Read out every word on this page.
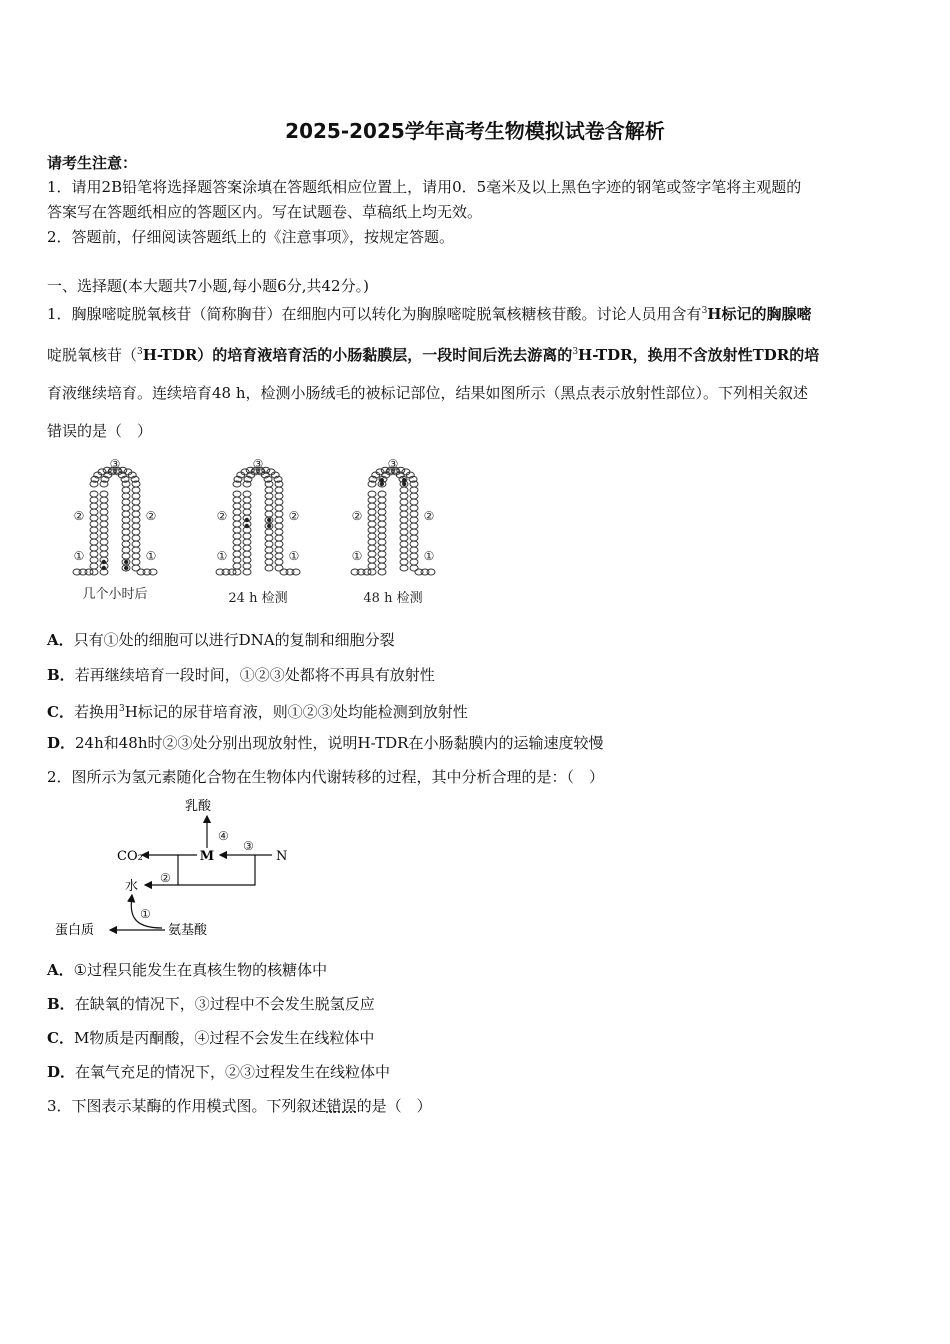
2025-2025学年高考生物模拟试卷含解析
请考生注意：
1．请用2B铅笔将选择题答案涂填在答题纸相应位置上，请用0．5毫米及以上黑色字迹的钢笔或签字笔将主观题的
答案写在答题纸相应的答题区内。写在试题卷、草稿纸上均无效。
2．答题前，仔细阅读答题纸上的《注意事项》，按规定答题。
一、选择题(本大题共7小题,每小题6分,共42分。)
1．胸腺嘧啶脱氧核苷（简称胸苷）在细胞内可以转化为胸腺嘧啶脱氧核糖核苷酸。讨论人员用含有$^3$H标记的胸腺嘧
啶脱氧核苷（$^3$H-TDR）的培育液培育活的小肠黏膜层，一段时间后洗去游离的$^3$H-TDR，换用不含放射性TDR的培
育液继续培育。连续培育48 h，检测小肠绒毛的被标记部位，结果如图所示（黑点表示放射性部位）。下列相关叙述
错误的是（　）
③
②	②
①	①
③
②	②
①	①
③
②	②
①	①
几个小时后	24 h 检测	48 h 检测
A．只有①处的细胞可以进行DNA的复制和细胞分裂
B．若再继续培育一段时间，①②③处都将不再具有放射性
C．若换用$^3$H标记的尿苷培育液，则①②③处均能检测到放射性
D．24h和48h时②③处分别出现放射性，说明H-TDR在小肠黏膜内的运输速度较慢
2．图所示为氢元素随化合物在生物体内代谢转移的过程，其中分析合理的是：（　）
乳酸
M	N
CO₂
水
蛋白质	氨基酸
④
③
②
①
A．①过程只能发生在真核生物的核糖体中
B．在缺氧的情况下，③过程中不会发生脱氢反应
C．M物质是丙酮酸，④过程不会发生在线粒体中
D．在氧气充足的情况下，②③过程发生在线粒体中
3．下图表示某酶的作用模式图。下列叙述错误的是（　）
